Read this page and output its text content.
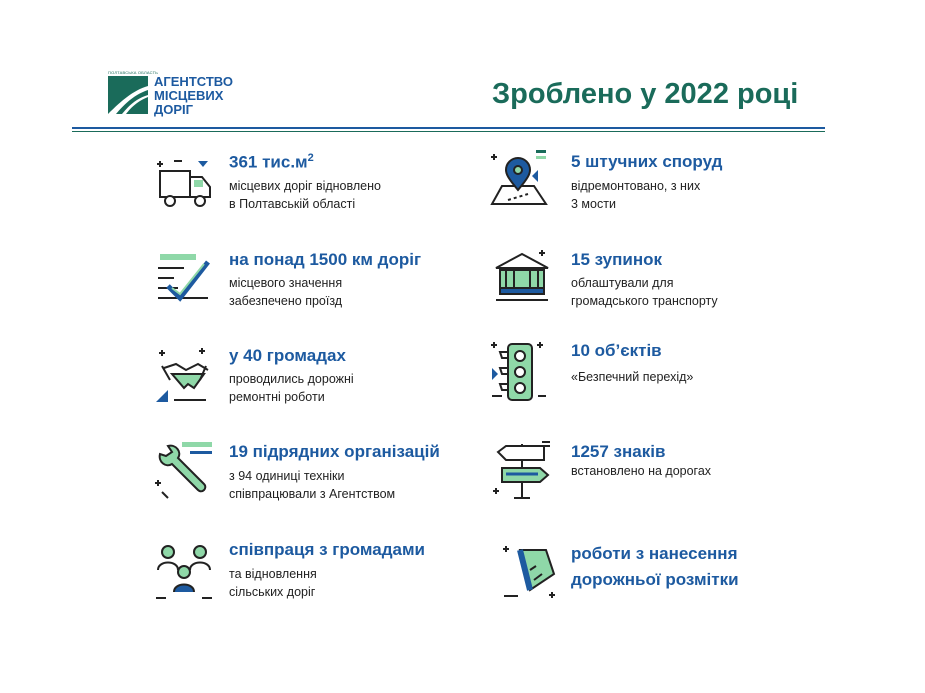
ПОЛТАВСЬКА ОБЛАСТЬ
АГЕНТСТВО
МІСЦЕВИХ
ДОРІГ	Зроблено у 2022 році
361 $тис.м^2$
місцевих доріг відновлено
в Полтавській області
на понад 1500 км доріг
місцевого значення
забезпечено проїзд
у 40 громадах
проводились дорожні
ремонтні роботи
19 підрядних організацій
з 94 одиниці техніки
співпрацювали з Агентством
співпраця з громадами
та відновлення
сільських доріг
5 штучних споруд
відремонтовано, з них
3 мости
15 зупинок
облаштували для
громадського транспорту
10 об’єктів
«Безпечний перехід»
1257 знаків
встановлено на дорогах
роботи з нанесення
дорожньої розмітки
